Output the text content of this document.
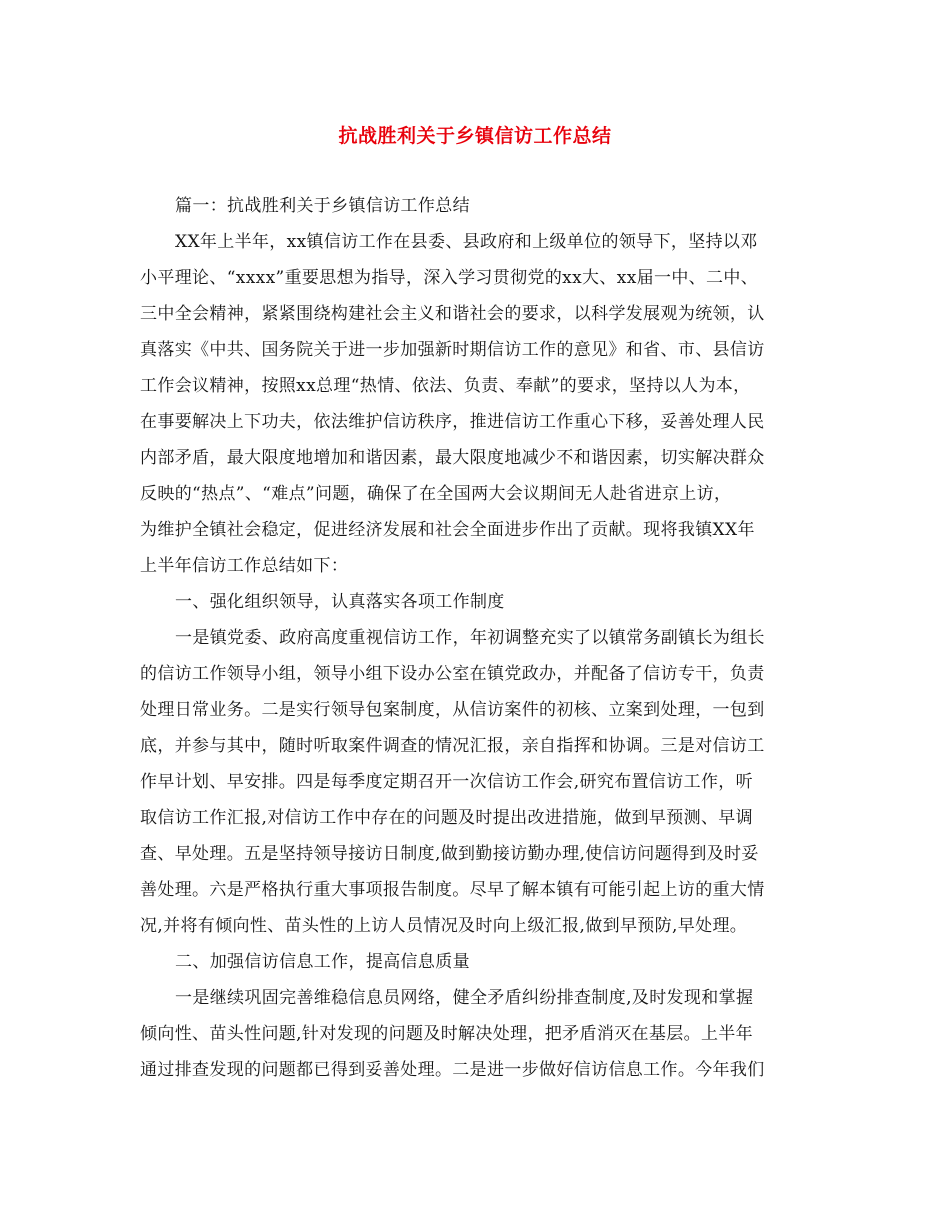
抗战胜利关于乡镇信访工作总结
篇一：抗战胜利关于乡镇信访工作总结
XX年上半年，xx镇信访工作在县委、县政府和上级单位的领导下，坚持以邓
小平理论、“xxxx”重要思想为指导，深入学习贯彻党的xx大、xx届一中、二中、
三中全会精神，紧紧围绕构建社会主义和谐社会的要求，以科学发展观为统领，认
真落实《中共、国务院关于进一步加强新时期信访工作的意见》和省、市、县信访
工作会议精神，按照xx总理“热情、依法、负责、奉献”的要求，坚持以人为本，
在事要解决上下功夫，依法维护信访秩序，推进信访工作重心下移，妥善处理人民
内部矛盾，最大限度地增加和谐因素，最大限度地减少不和谐因素，切实解决群众
反映的“热点”、“难点”问题，确保了在全国两大会议期间无人赴省进京上访，
为维护全镇社会稳定，促进经济发展和社会全面进步作出了贡献。现将我镇XX年
上半年信访工作总结如下：
一、强化组织领导，认真落实各项工作制度
一是镇党委、政府高度重视信访工作，年初调整充实了以镇常务副镇长为组长
的信访工作领导小组，领导小组下设办公室在镇党政办，并配备了信访专干，负责
处理日常业务。二是实行领导包案制度，从信访案件的初核、立案到处理，一包到
底，并参与其中，随时听取案件调查的情况汇报，亲自指挥和协调。三是对信访工
作早计划、早安排。四是每季度定期召开一次信访工作会,研究布置信访工作，听
取信访工作汇报,对信访工作中存在的问题及时提出改进措施，做到早预测、早调
查、早处理。五是坚持领导接访日制度,做到勤接访勤办理,使信访问题得到及时妥
善处理。六是严格执行重大事项报告制度。尽早了解本镇有可能引起上访的重大情
况,并将有倾向性、苗头性的上访人员情况及时向上级汇报,做到早预防,早处理。
二、加强信访信息工作，提高信息质量
一是继续巩固完善维稳信息员网络，健全矛盾纠纷排查制度,及时发现和掌握
倾向性、苗头性问题,针对发现的问题及时解决处理，把矛盾消灭在基层。上半年
通过排查发现的问题都已得到妥善处理。二是进一步做好信访信息工作。今年我们
